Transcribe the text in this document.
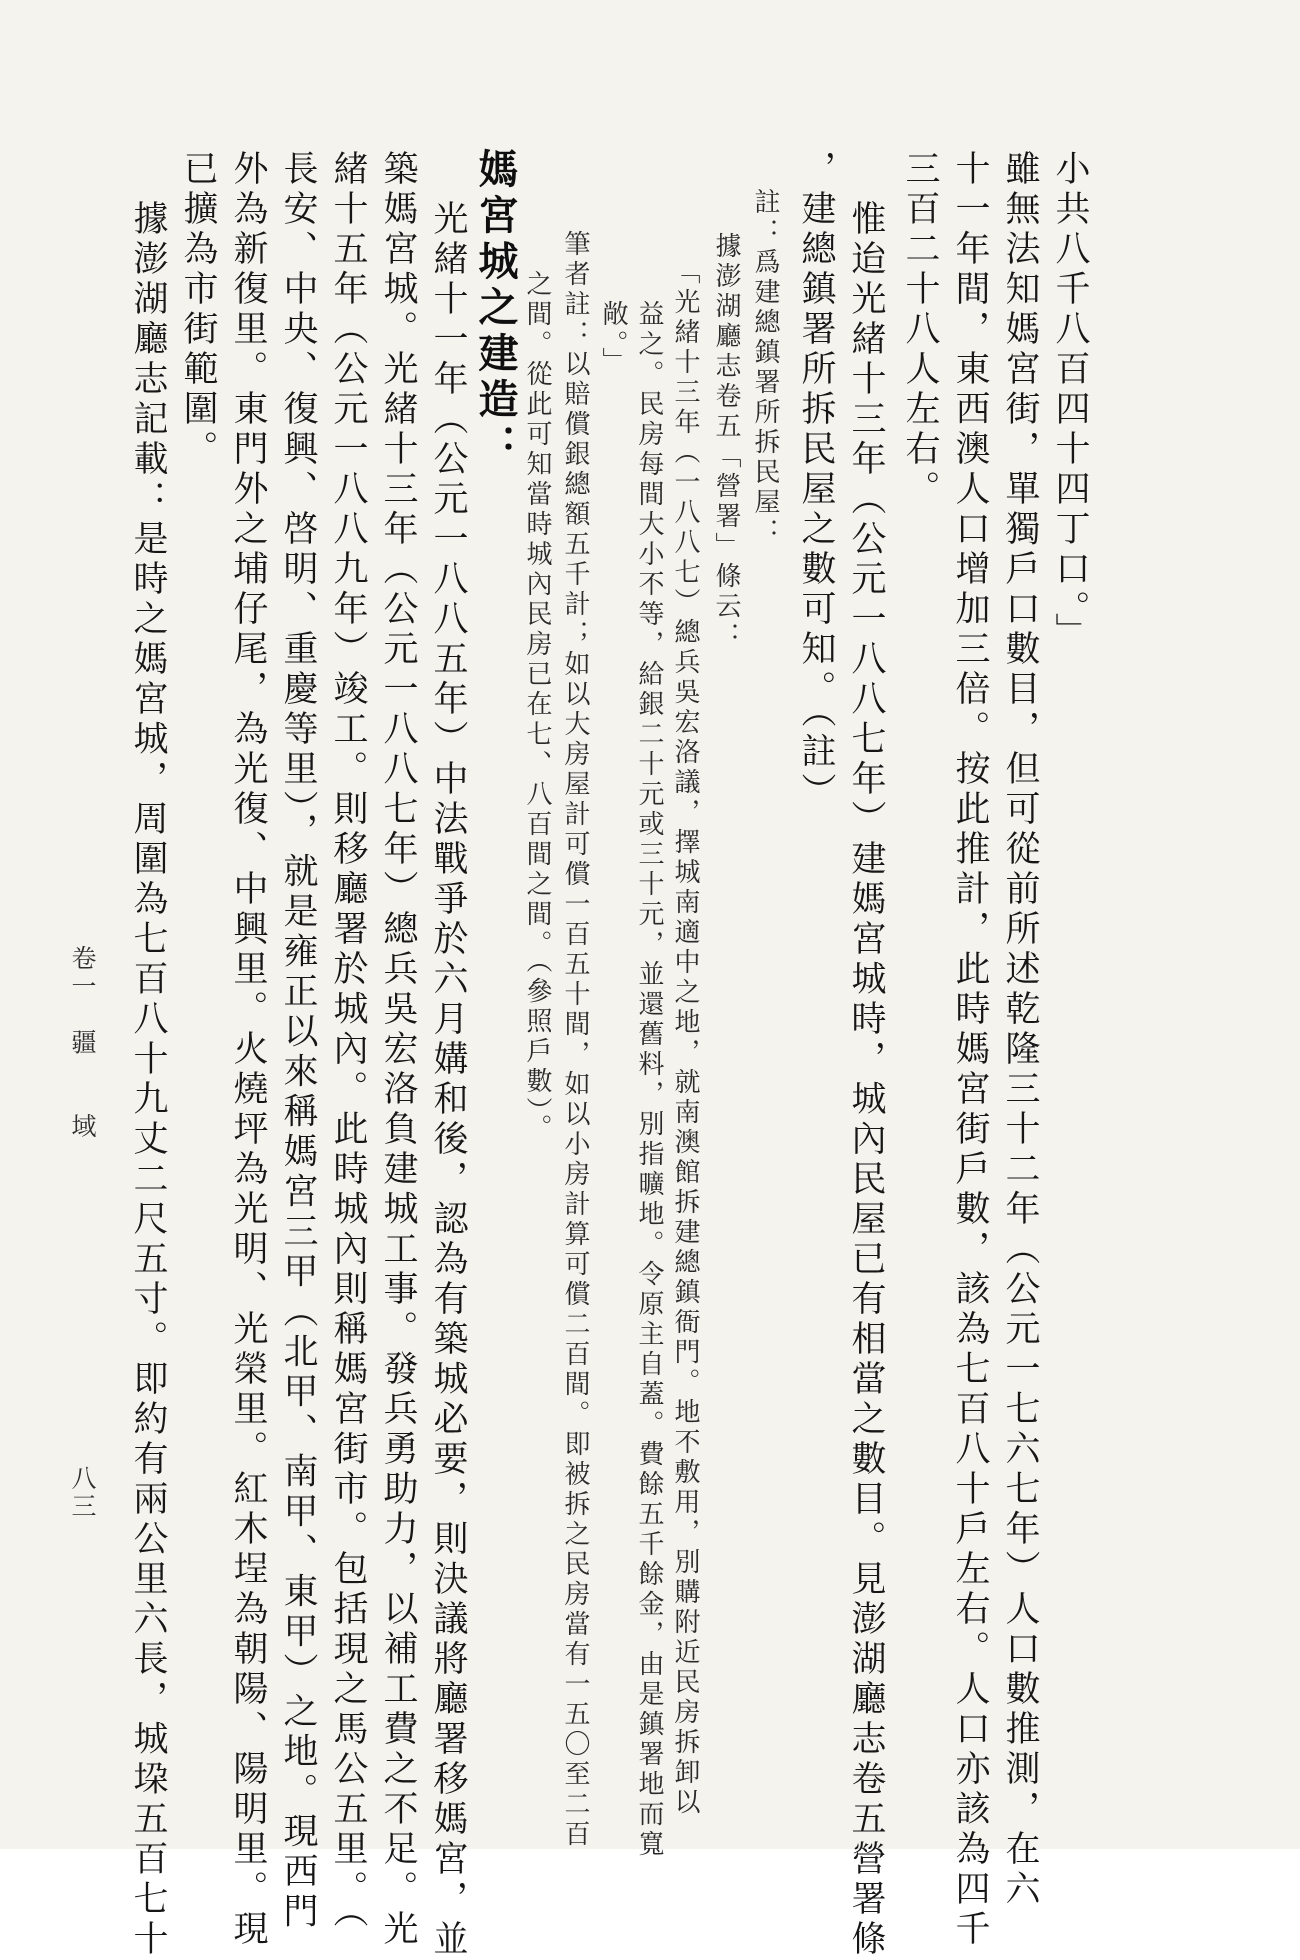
小共八千八百四十四丁口。」
雖無法知媽宮街，單獨戶口數目，但可從前所述乾隆三十二年（公元一七六七年）人口數推測，在六
十一年間，東西澳人口增加三倍。按此推計，此時媽宮街戶數，該為七百八十戶左右。人口亦該為四千
三百二十八人左右。
惟迨光緒十三年（公元一八八七年）建媽宮城時，城內民屋已有相當之數目。見澎湖廳志卷五營署條
，建總鎮署所拆民屋之數可知。（註）
註：爲建總鎮署所拆民屋：
據澎湖廳志卷五「營署」條云：
「光緒十三年（一八八七）總兵吳宏洛議，擇城南適中之地，就南澳館拆建總鎮衙門。地不敷用，別購附近民房拆卸以
益之。民房每間大小不等，給銀二十元或三十元，並還舊料，別指曠地。令原主自蓋。費餘五千餘金，由是鎮署地而寬
敞。」
筆者註：以賠償銀總額五千計；如以大房屋計可償一百五十間，如以小房計算可償二百間。即被拆之民房當有一五〇至二百
之間。從此可知當時城內民房已在七、八百間之間。（參照戶數）。
媽宮城之建造：
光緒十一年（公元一八八五年）中法戰爭於六月媾和後，認為有築城必要，則決議將廳署移媽宮，並
築媽宮城。光緒十三年（公元一八八七年）總兵吳宏洛負建城工事。發兵勇助力，以補工費之不足。光
緒十五年（公元一八八九年）竣工。則移廳署於城內。此時城內則稱媽宮街市。包括現之馬公五里。（
長安、中央、復興、啓明、重慶等里），就是雍正以來稱媽宮三甲（北甲、南甲、東甲）之地。現西門
外為新復里。東門外之埔仔尾，為光復、中興里。火燒坪為光明、光榮里。紅木埕為朝陽、陽明里。現
已擴為市街範圍。
據澎湖廳志記載：是時之媽宮城，周圍為七百八十九丈二尺五寸。即約有兩公里六長，城垜五百七十
卷一　疆　　域
八三
